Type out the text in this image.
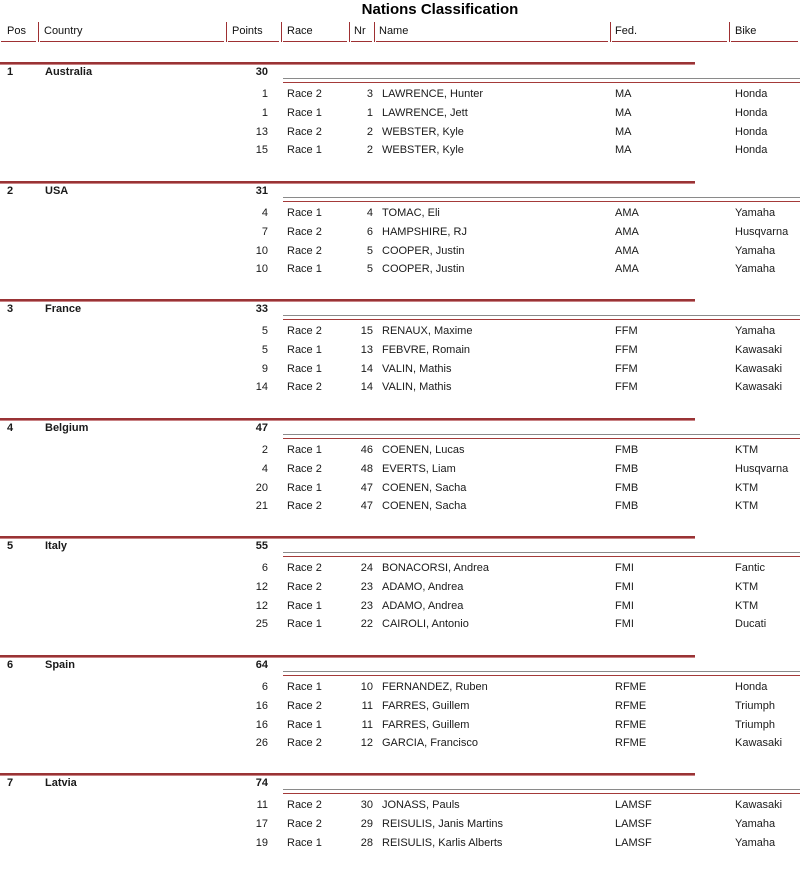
Nations Classification
Pos	Country	Points	Race	Nr	Name	Fed.	Bike
1	Australia	30
1 Race 2	3 LAWRENCE, Hunter	MA	Honda
1 Race 1	1 LAWRENCE, Jett	MA	Honda
13 Race 2	2 WEBSTER, Kyle	MA	Honda
15 Race 1	2 WEBSTER, Kyle	MA	Honda
2	USA	31
4 Race 1	4 TOMAC, Eli	AMA	Yamaha
7 Race 2	6 HAMPSHIRE, RJ	AMA	Husqvarna
10 Race 2	5 COOPER, Justin	AMA	Yamaha
10 Race 1	5 COOPER, Justin	AMA	Yamaha
3	France	33
5 Race 2	15 RENAUX, Maxime	FFM	Yamaha
5 Race 1	13 FEBVRE, Romain	FFM	Kawasaki
9 Race 1	14 VALIN, Mathis	FFM	Kawasaki
14 Race 2	14 VALIN, Mathis	FFM	Kawasaki
4	Belgium	47
2 Race 1	46 COENEN, Lucas	FMB	KTM
4 Race 2	48 EVERTS, Liam	FMB	Husqvarna
20 Race 1	47 COENEN, Sacha	FMB	KTM
21 Race 2	47 COENEN, Sacha	FMB	KTM
5	Italy	55
6 Race 2	24 BONACORSI, Andrea	FMI	Fantic
12 Race 2	23 ADAMO, Andrea	FMI	KTM
12 Race 1	23 ADAMO, Andrea	FMI	KTM
25 Race 1	22 CAIROLI, Antonio	FMI	Ducati
6	Spain	64
6 Race 1	10 FERNANDEZ, Ruben	RFME	Honda
16 Race 2	11 FARRES, Guillem	RFME	Triumph
16 Race 1	11 FARRES, Guillem	RFME	Triumph
26 Race 2	12 GARCIA, Francisco	RFME	Kawasaki
7	Latvia	74
11 Race 2	30 JONASS, Pauls	LAMSF	Kawasaki
17 Race 2	29 REISULIS, Janis Martins	LAMSF	Yamaha
19 Race 1	28 REISULIS, Karlis Alberts	LAMSF	Yamaha
